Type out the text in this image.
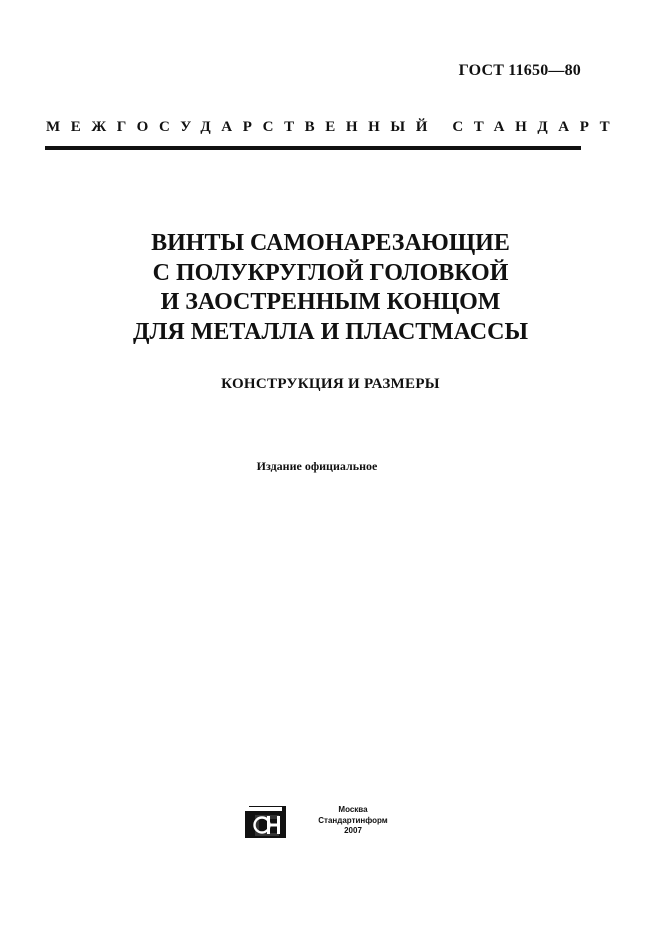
ГОСТ 11650—80
МЕЖГОСУДАРСТВЕННЫЙ СТАНДАРТ
ВИНТЫ САМОНАРЕЗАЮЩИЕ
С ПОЛУКРУГЛОЙ ГОЛОВКОЙ
И ЗАОСТРЕННЫМ КОНЦОМ
ДЛЯ МЕТАЛЛА И ПЛАСТМАССЫ
КОНСТРУКЦИЯ И РАЗМЕРЫ
Издание официальное
Москва
Стандартинформ
2007
